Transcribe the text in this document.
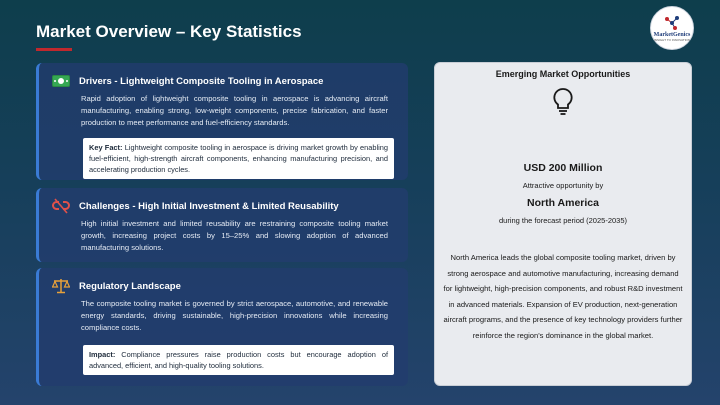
Market Overview – Key Statistics	MarketGenics
INSIGHT TO INNOVATION
Drivers - Lightweight Composite Tooling in Aerospace
Rapid adoption of lightweight composite tooling in aerospace is advancing aircraft manufacturing, enabling strong, low-weight components, precise fabrication, and faster production to meet performance and fuel-efficiency standards.
Key Fact: Lightweight composite tooling in aerospace is driving market growth by enabling fuel-efficient, high-strength aircraft components, enhancing manufacturing precision, and accelerating production cycles.
Challenges - High Initial Investment & Limited Reusability
High initial investment and limited reusability are restraining composite tooling market growth, increasing project costs by 15–25% and slowing adoption of advanced manufacturing solutions.
Regulatory Landscape
The composite tooling market is governed by strict aerospace, automotive, and renewable energy standards, driving sustainable, high-precision innovations while increasing compliance costs.
Impact: Compliance pressures raise production costs but encourage adoption of advanced, efficient, and high-quality tooling solutions.
Emerging Market Opportunities
USD 200 Million
Attractive opportunity by
North America
during the forecast period (2025-2035)
North America leads the global composite tooling market, driven by strong aerospace and automotive manufacturing, increasing demand for lightweight, high-precision components, and robust R&D investment in advanced materials. Expansion of EV production, next-generation aircraft programs, and the presence of key technology providers further reinforce the region's dominance in the global market.
